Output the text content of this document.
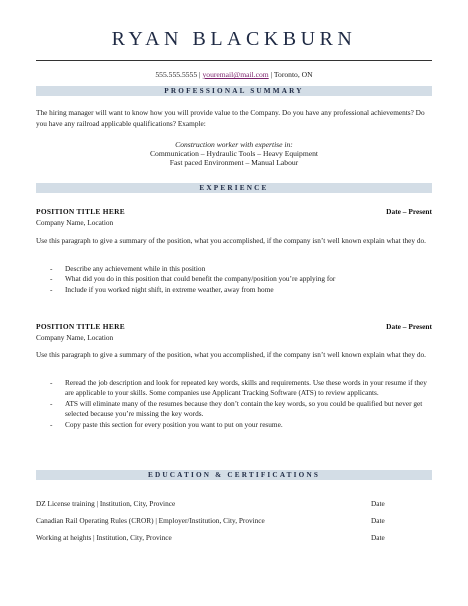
RYAN BLACKBURN
555.555.5555 | youremail@mail.com | Toronto, ON
PROFESSIONAL SUMMARY
The hiring manager will want to know how you will provide value to the Company. Do you have any professional achievements? Do you have any railroad applicable qualifications? Example:
Construction worker with expertise in:
Communication – Hydraulic Tools – Heavy Equipment
Fast paced Environment – Manual Labour
EXPERIENCE
POSITION TITLE HERE	Date – Present
Company Name, Location
Use this paragraph to give a summary of the position, what you accomplished, if the company isn’t well known explain what they do.
- Describe any achievement while in this position
- What did you do in this position that could benefit the company/position you’re applying for
- Include if you worked night shift, in extreme weather, away from home
POSITION TITLE HERE	Date – Present
Company Name, Location
Use this paragraph to give a summary of the position, what you accomplished, if the company isn’t well known explain what they do.
- Reread the job description and look for repeated key words, skills and requirements. Use these words in your resume if they are applicable to your skills. Some companies use Applicant Tracking Software (ATS) to review applicants.
- ATS will eliminate many of the resumes because they don’t contain the key words, so you could be qualified but never get selected because you’re missing the key words.
- Copy paste this section for every position you want to put on your resume.
EDUCATION & CERTIFICATIONS
DZ License training | Institution, City, Province	Date
Canadian Rail Operating Rules (CROR) | Employer/Institution, City, Province	Date
Working at heights | Institution, City, Province	Date
